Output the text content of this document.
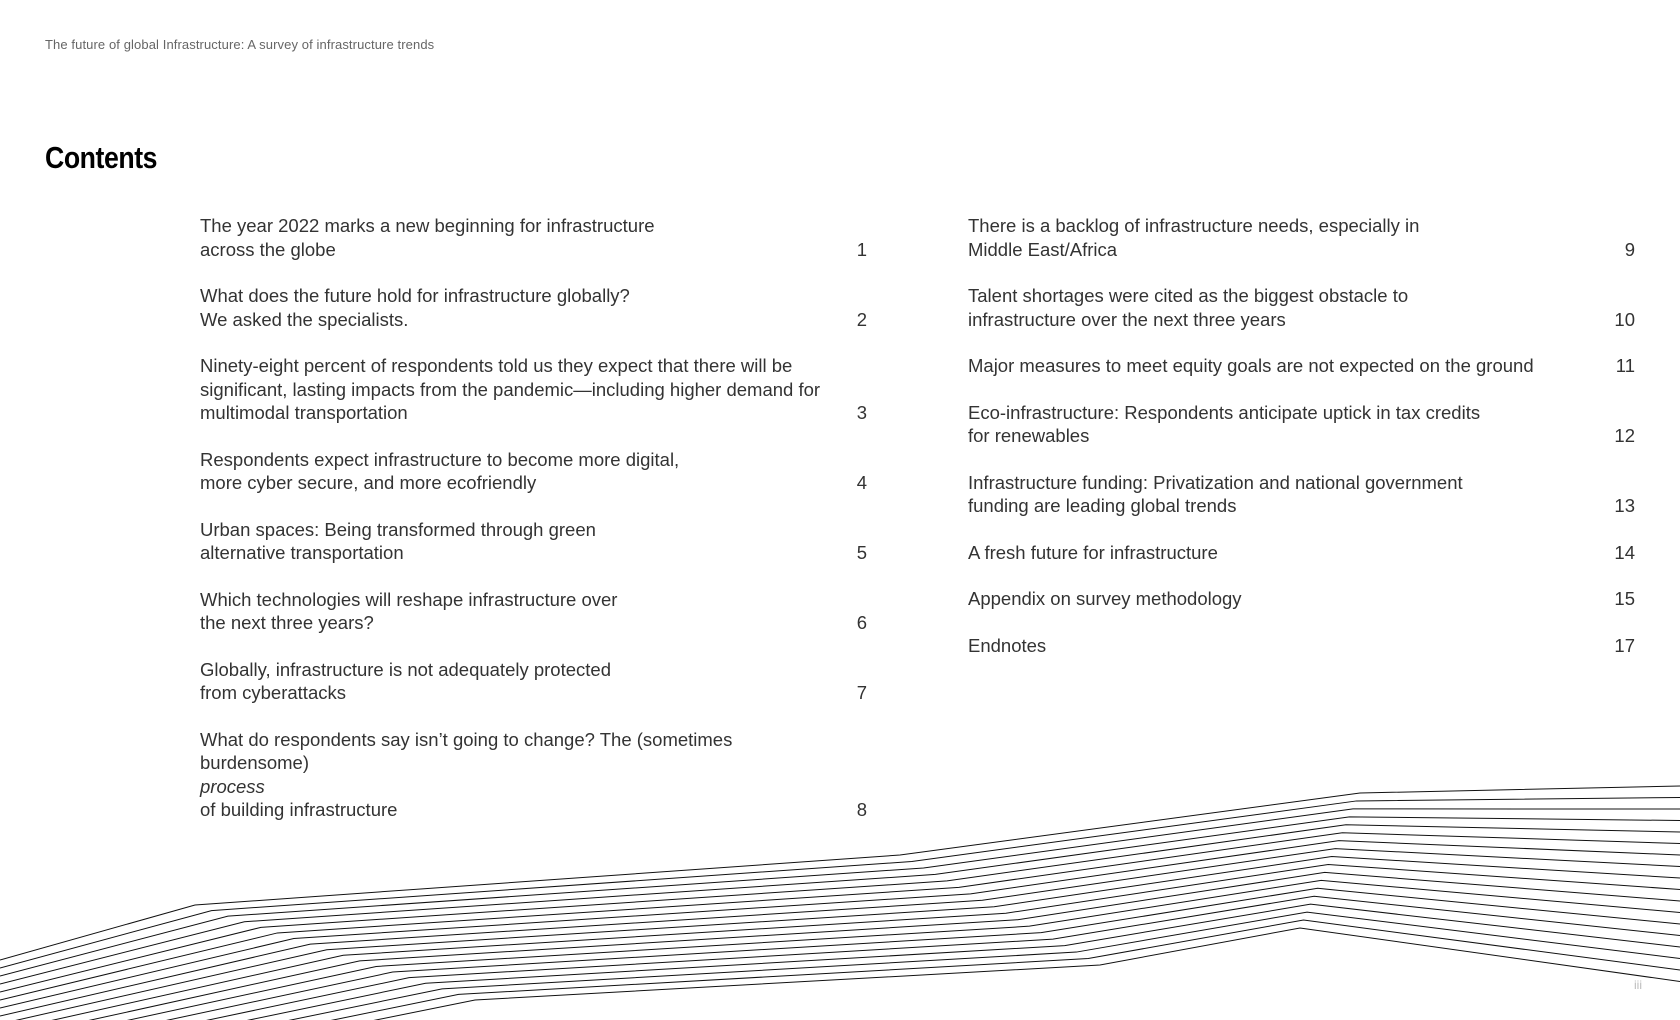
The future of global Infrastructure: A survey of infrastructure trends
Contents
The year 2022 marks a new beginning for infrastructure
across the globe	1
What does the future hold for infrastructure globally?
We asked the specialists.	2
Ninety-eight percent of respondents told us they expect that there will be
significant, lasting impacts from the pandemic—including higher demand for
multimodal transportation	3
Respondents expect infrastructure to become more digital,
more cyber secure, and more ecofriendly	4
Urban spaces: Being transformed through green
alternative transportation	5
Which technologies will reshape infrastructure over
the next three years?	6
Globally, infrastructure is not adequately protected
from cyberattacks	7
What do respondents say isn’t going to change? The (sometimes
burdensome)
process
of building infrastructure	8
There is a backlog of infrastructure needs, especially in
Middle East/Africa	9
Talent shortages were cited as the biggest obstacle to
infrastructure over the next three years	10
Major measures to meet equity goals are not expected on the ground	11
Eco-infrastructure: Respondents anticipate uptick in tax credits
for renewables	12
Infrastructure funding: Privatization and national government
funding are leading global trends	13
A fresh future for infrastructure	14
Appendix on survey methodology	15
Endnotes	17
iii
